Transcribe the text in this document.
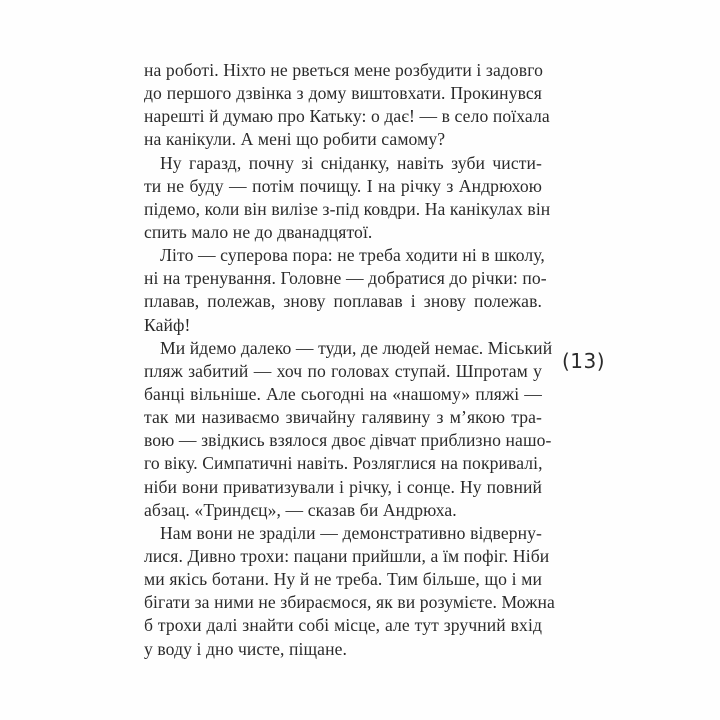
на роботі. Ніхто не рветься мене розбудити і задовго
до першого дзвінка з дому виштовхати. Прокинувся
нарешті й думаю про Катьку: о дає! — в село поїхала
на канікули. А мені що робити самому?
Ну гаразд, почну зі сніданку, навіть зуби чисти-
ти не буду — потім почищу. І на річку з Андрюхою
підемо, коли він вилізе з-під ковдри. На канікулах він
спить мало не до дванадцятої.
Літо — суперова пора: не треба ходити ні в школу,
ні на тренування. Головне — добратися до річки: по-
плавав, полежав, знову поплавав і знову полежав.
Кайф!
Ми йдемо далеко — туди, де людей немає. Міський
пляж забитий — хоч по головах ступай. Шпротам у
банці вільніше. Але сьогодні на «нашому» пляжі —
так ми називаємо звичайну галявину з м’якою тра-
вою — звідкись взялося двоє дівчат приблизно нашо-
го віку. Симпатичні навіть. Розляглися на покривалі,
ніби вони приватизували і річку, і сонце. Ну повний
абзац. «Триндєц», — сказав би Андрюха.
Нам вони не зраділи — демонстративно відверну-
лися. Дивно трохи: пацани прийшли, а їм пофіг. Ніби
ми якісь ботани. Ну й не треба. Тим більше, що і ми
бігати за ними не збираємося, як ви розумієте. Можна
б трохи далі знайти собі місце, але тут зручний вхід
у воду і дно чисте, піщане.
(13)
